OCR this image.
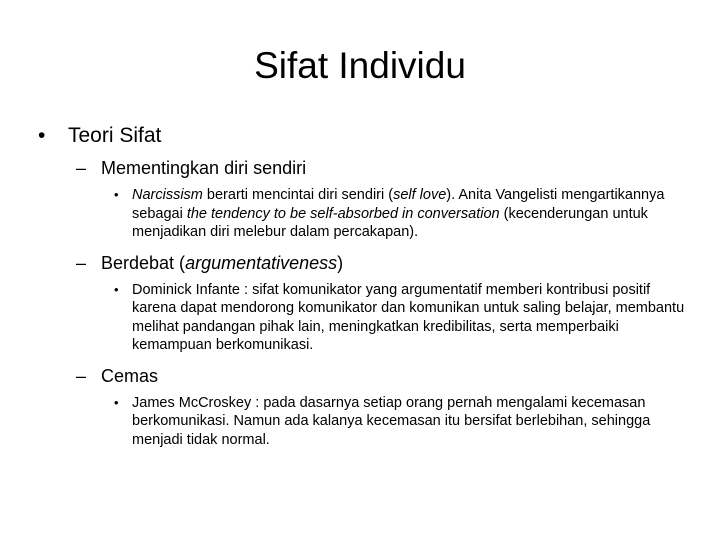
Sifat Individu
• Teori Sifat
– Mementingkan diri sendiri
• Narcissism berarti mencintai diri sendiri (self love). Anita Vangelisti mengartikannya sebagai the tendency to be self-absorbed in conversation (kecenderungan untuk menjadikan diri melebur dalam percakapan).
– Berdebat (argumentativeness)
• Dominick Infante : sifat komunikator yang argumentatif memberi kontribusi positif karena dapat mendorong komunikator dan komunikan untuk saling belajar, membantu melihat pandangan pihak lain, meningkatkan kredibilitas, serta memperbaiki kemampuan berkomunikasi.
– Cemas
• James McCroskey : pada dasarnya setiap orang pernah mengalami kecemasan berkomunikasi. Namun ada kalanya kecemasan itu bersifat berlebihan, sehingga menjadi tidak normal.
